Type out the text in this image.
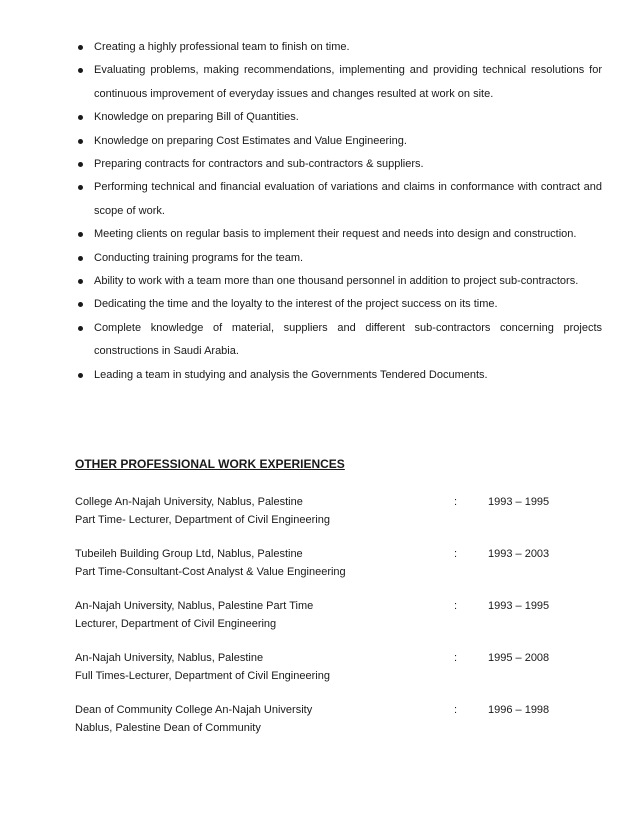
Creating a highly professional team to finish on time.
Evaluating problems, making recommendations, implementing and providing technical resolutions for continuous improvement of everyday issues and changes resulted at work on site.
Knowledge on preparing Bill of Quantities.
Knowledge on preparing Cost Estimates and Value Engineering.
Preparing contracts for contractors and sub-contractors & suppliers.
Performing technical and financial evaluation of variations and claims in conformance with contract and scope of work.
Meeting clients on regular basis to implement their request and needs into design and construction.
Conducting training programs for the team.
Ability to work with a team more than one thousand personnel in addition to project sub-contractors.
Dedicating the time and the loyalty to the interest of the project success on its time.
Complete knowledge of material, suppliers and different sub-contractors concerning projects constructions in Saudi Arabia.
Leading a team in studying and analysis the Governments Tendered Documents.
OTHER PROFESSIONAL WORK EXPERIENCES
College An-Najah University, Nablus, Palestine
Part Time- Lecturer, Department of Civil Engineering
:	1993 – 1995
Tubeileh Building Group Ltd, Nablus, Palestine
Part Time-Consultant-Cost Analyst & Value Engineering
:	1993 – 2003
An-Najah University, Nablus, Palestine Part Time
Lecturer, Department of Civil Engineering
:	1993 – 1995
An-Najah University, Nablus, Palestine
Full Times-Lecturer, Department of Civil Engineering
:	1995 – 2008
Dean of Community College An-Najah University
Nablus, Palestine Dean of Community
:	1996 – 1998
